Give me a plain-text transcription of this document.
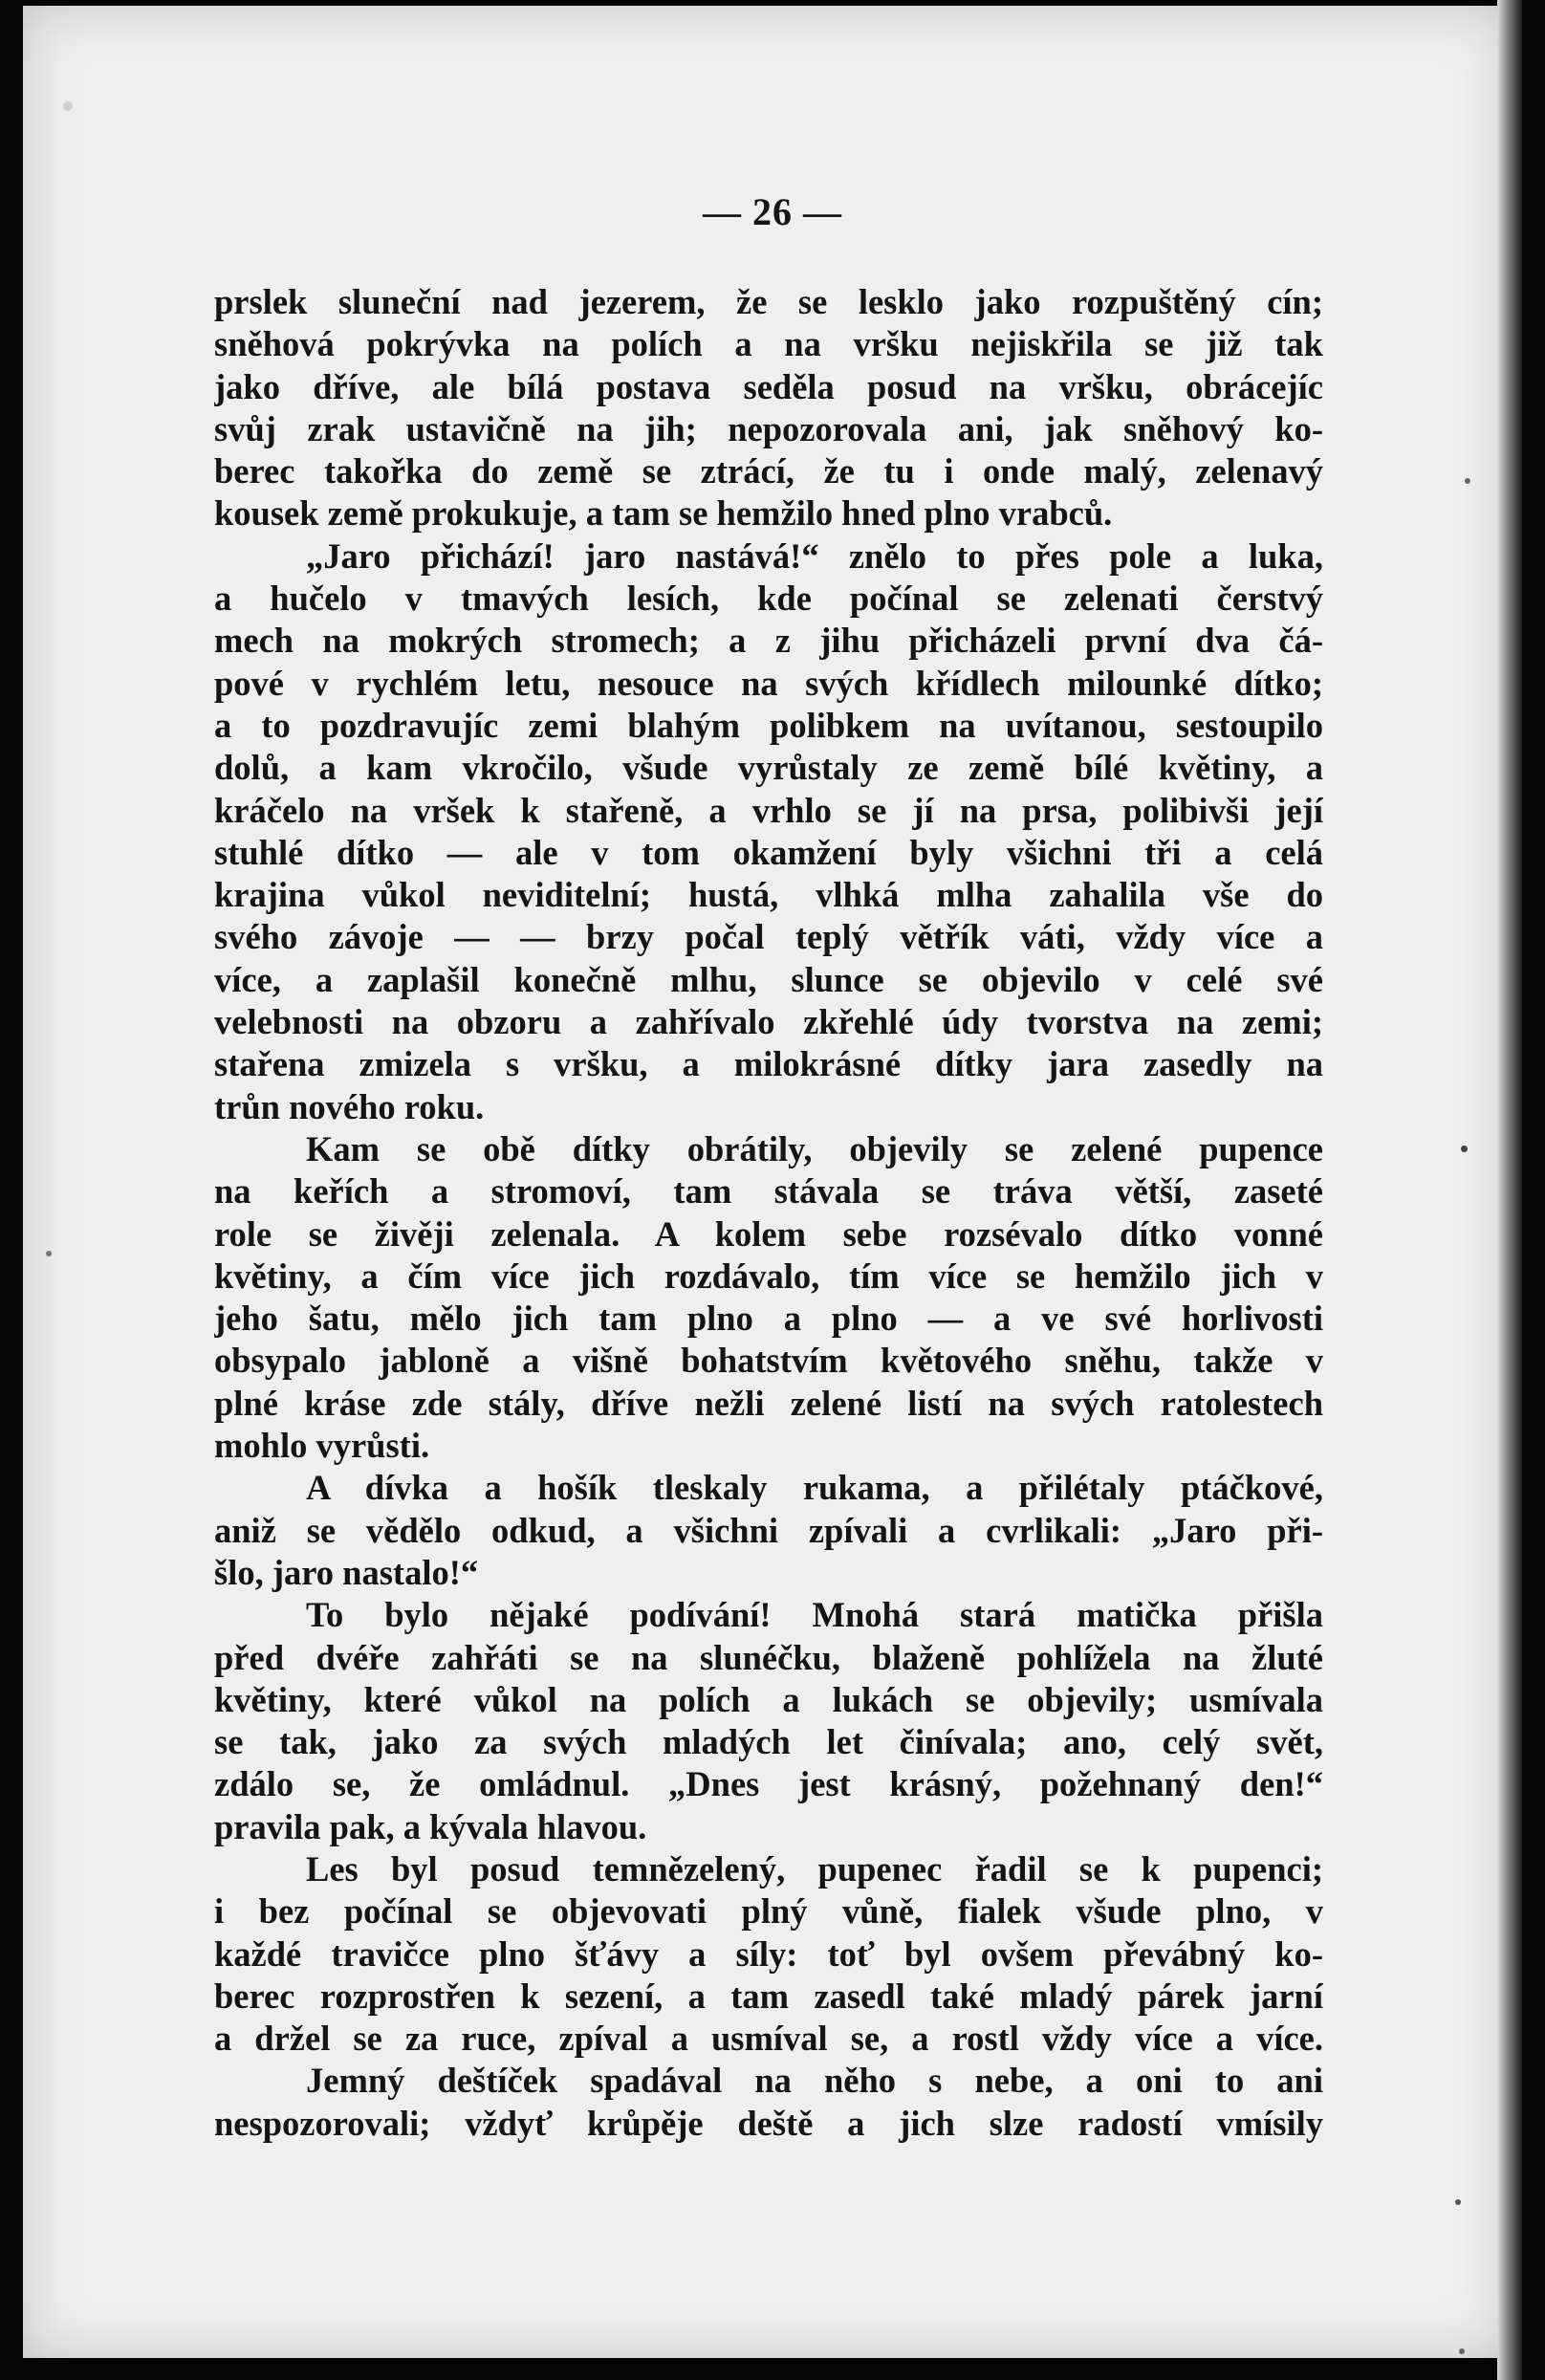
— 26 —
prslek sluneční nad jezerem, že se lesklo jako rozpuštěný cín;
sněhová pokrývka na polích a na vršku nejiskřila se již tak
jako dříve, ale bílá postava seděla posud na vršku, obrácejíc
svůj zrak ustavičně na jih; nepozorovala ani, jak sněhový ko-
berec takořka do země se ztrácí, že tu i onde malý, zelenavý
kousek země prokukuje, a tam se hemžilo hned plno vrabců.
„Jaro přichází! jaro nastává!“ znělo to přes pole a luka,
a hučelo v tmavých lesích, kde počínal se zelenati čerstvý
mech na mokrých stromech; a z jihu přicházeli první dva čá-
pové v rychlém letu, nesouce na svých křídlech milounké dítko;
a to pozdravujíc zemi blahým polibkem na uvítanou, sestoupilo
dolů, a kam vkročilo, všude vyrůstaly ze země bílé květiny, a
kráčelo na vršek k stařeně, a vrhlo se jí na prsa, polibivši její
stuhlé dítko — ale v tom okamžení byly všichni tři a celá
krajina vůkol neviditelní; hustá, vlhká mlha zahalila vše do
svého závoje — — brzy počal teplý větřík váti, vždy více a
více, a zaplašil konečně mlhu, slunce se objevilo v celé své
velebnosti na obzoru a zahřívalo zkřehlé údy tvorstva na zemi;
stařena zmizela s vršku, a milokrásné dítky jara zasedly na
trůn nového roku.
Kam se obě dítky obrátily, objevily se zelené pupence
na keřích a stromoví, tam stávala se tráva větší, zaseté
role se živěji zelenala. A kolem sebe rozsévalo dítko vonné
květiny, a čím více jich rozdávalo, tím více se hemžilo jich v
jeho šatu, mělo jich tam plno a plno — a ve své horlivosti
obsypalo jabloně a višně bohatstvím květového sněhu, takže v
plné kráse zde stály, dříve nežli zelené listí na svých ratolestech
mohlo vyrůsti.
A dívka a hošík tleskaly rukama, a přilétaly ptáčkové,
aniž se vědělo odkud, a všichni zpívali a cvrlikali: „Jaro při-
šlo, jaro nastalo!“
To bylo nějaké podívání! Mnohá stará matička přišla
před dvéře zahřáti se na slunéčku, blaženě pohlížela na žluté
květiny, které vůkol na polích a lukách se objevily; usmívala
se tak, jako za svých mladých let činívala; ano, celý svět,
zdálo se, že omládnul. „Dnes jest krásný, požehnaný den!“
pravila pak, a kývala hlavou.
Les byl posud temnězelený, pupenec řadil se k pupenci;
i bez počínal se objevovati plný vůně, fialek všude plno, v
každé travičce plno šťávy a síly: toť byl ovšem převábný ko-
berec rozprostřen k sezení, a tam zasedl také mladý párek jarní
a držel se za ruce, zpíval a usmíval se, a rostl vždy více a více.
Jemný deštíček spadával na něho s nebe, a oni to ani
nespozorovali; vždyť krůpěje deště a jich slze radostí vmísily
